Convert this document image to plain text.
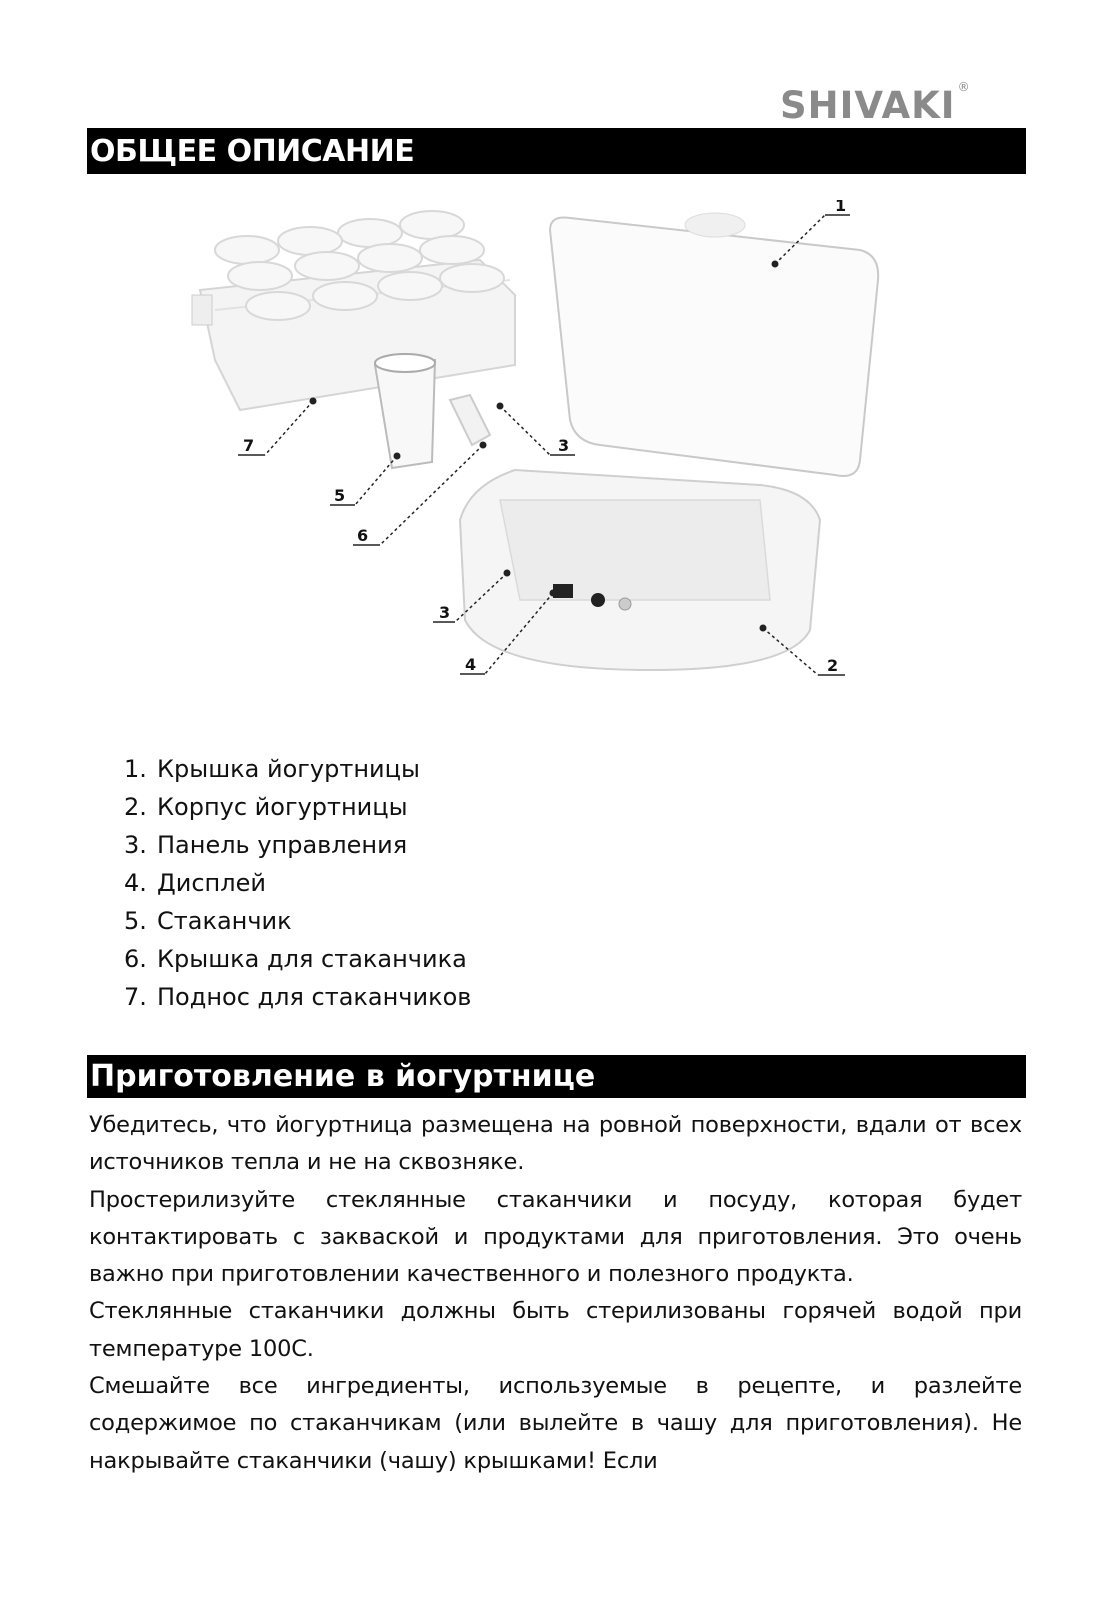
SHIVAKI ®
ОБЩЕЕ ОПИСАНИЕ
1
2
3
3
4
5
6
7
1. Крышка йогуртницы
2. Корпус йогуртницы
3. Панель управления
4. Дисплей
5. Стаканчик
6. Крышка для стаканчика
7. Поднос для стаканчиков
Приготовление в йогуртнице

Убедитесь, что йогуртница размещена на ровной поверхности, вдали от всех источников тепла и не на сквозняке.

Простерилизуйте стеклянные стаканчики и посуду, которая будет контактировать с закваской и продуктами для приготовления. Это очень важно при приготовлении качественного и полезного продукта.

Стеклянные стаканчики должны быть стерилизованы горячей водой при температуре 100С.

Смешайте все ингредиенты, используемые в рецепте, и разлейте содержимое по стаканчикам (или вылейте в чашу для приготовления). Не накрывайте стаканчики (чашу) крышками! Если
